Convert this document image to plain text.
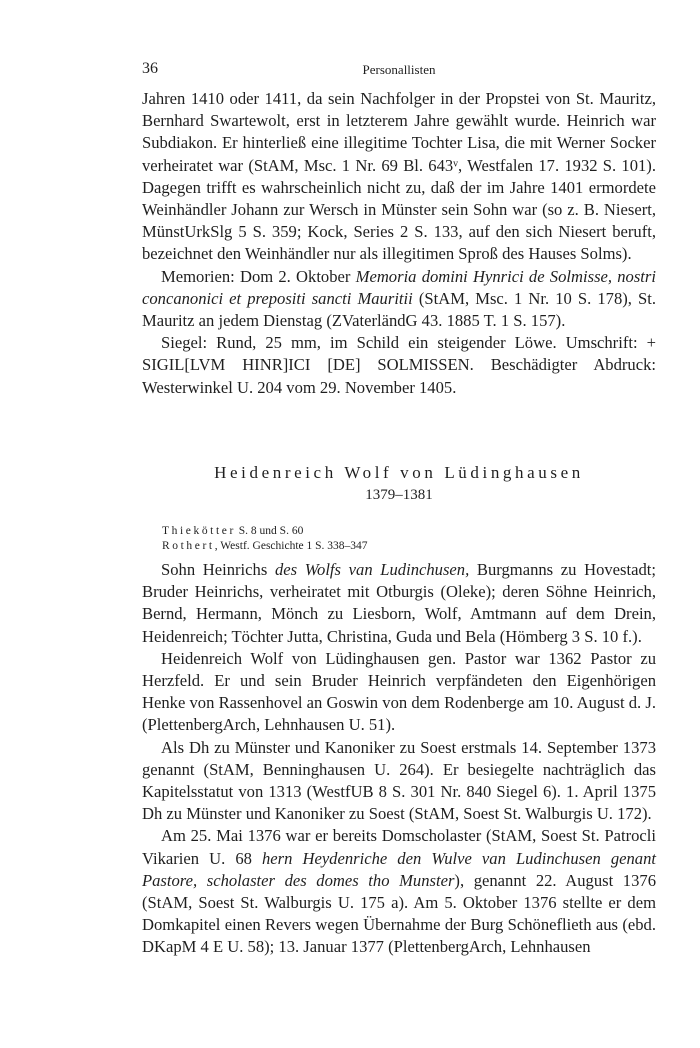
36	Personallisten

Jahren 1410 oder 1411, da sein Nachfolger in der Propstei von St. Mauritz, Bernhard Swartewolt, erst in letzterem Jahre gewählt wurde. Heinrich war Subdiakon. Er hinterließ eine illegitime Tochter Lisa, die mit Werner Socker verheiratet war (StAM, Msc. 1 Nr. 69 Bl. 643ᵛ, Westfalen 17. 1932 S. 101). Dagegen trifft es wahrscheinlich nicht zu, daß der im Jahre 1401 ermordete Weinhändler Johann zur Wersch in Münster sein Sohn war (so z. B. Niesert, MünstUrkSlg 5 S. 359; Kock, Series 2 S. 133, auf den sich Niesert beruft, bezeichnet den Weinhändler nur als illegitimen Sproß des Hauses Solms).

Memorien: Dom 2. Oktober Memoria domini Hynrici de Solmisse, nostri concanonici et prepositi sancti Mauritii (StAM, Msc. 1 Nr. 10 S. 178), St. Mauritz an jedem Dienstag (ZVaterländG 43. 1885 T. 1 S. 157).

Siegel: Rund, 25 mm, im Schild ein steigender Löwe. Umschrift: + SIGIL[LVM HINR]ICI [DE] SOLMISSEN. Beschädigter Abdruck: Westerwinkel U. 204 vom 29. November 1405.

Heidenreich Wolf von Lüdinghausen
1379–1381
Thiekötter S. 8 und S. 60
Rothert, Westf. Geschichte 1 S. 338–347

Sohn Heinrichs des Wolfs van Ludinchusen, Burgmanns zu Hovestadt; Bruder Heinrichs, verheiratet mit Otburgis (Oleke); deren Söhne Heinrich, Bernd, Hermann, Mönch zu Liesborn, Wolf, Amtmann auf dem Drein, Heidenreich; Töchter Jutta, Christina, Guda und Bela (Hömberg 3 S. 10 f.).

Heidenreich Wolf von Lüdinghausen gen. Pastor war 1362 Pastor zu Herzfeld. Er und sein Bruder Heinrich verpfändeten den Eigenhörigen Henke von Rassenhovel an Goswin von dem Rodenberge am 10. August d. J. (PlettenbergArch, Lehnhausen U. 51).

Als Dh zu Münster und Kanoniker zu Soest erstmals 14. September 1373 genannt (StAM, Benninghausen U. 264). Er besiegelte nachträglich das Kapitelsstatut von 1313 (WestfUB 8 S. 301 Nr. 840 Siegel 6). 1. April 1375 Dh zu Münster und Kanoniker zu Soest (StAM, Soest St. Walburgis U. 172).

Am 25. Mai 1376 war er bereits Domscholaster (StAM, Soest St. Patrocli Vikarien U. 68 hern Heydenriche den Wulve van Ludinchusen genant Pastore, scholaster des domes tho Munster), genannt 22. August 1376 (StAM, Soest St. Walburgis U. 175 a). Am 5. Oktober 1376 stellte er dem Domkapitel einen Revers wegen Übernahme der Burg Schöneflieth aus (ebd. DKapM 4 E U. 58); 13. Januar 1377 (PlettenbergArch, Lehnhausen
